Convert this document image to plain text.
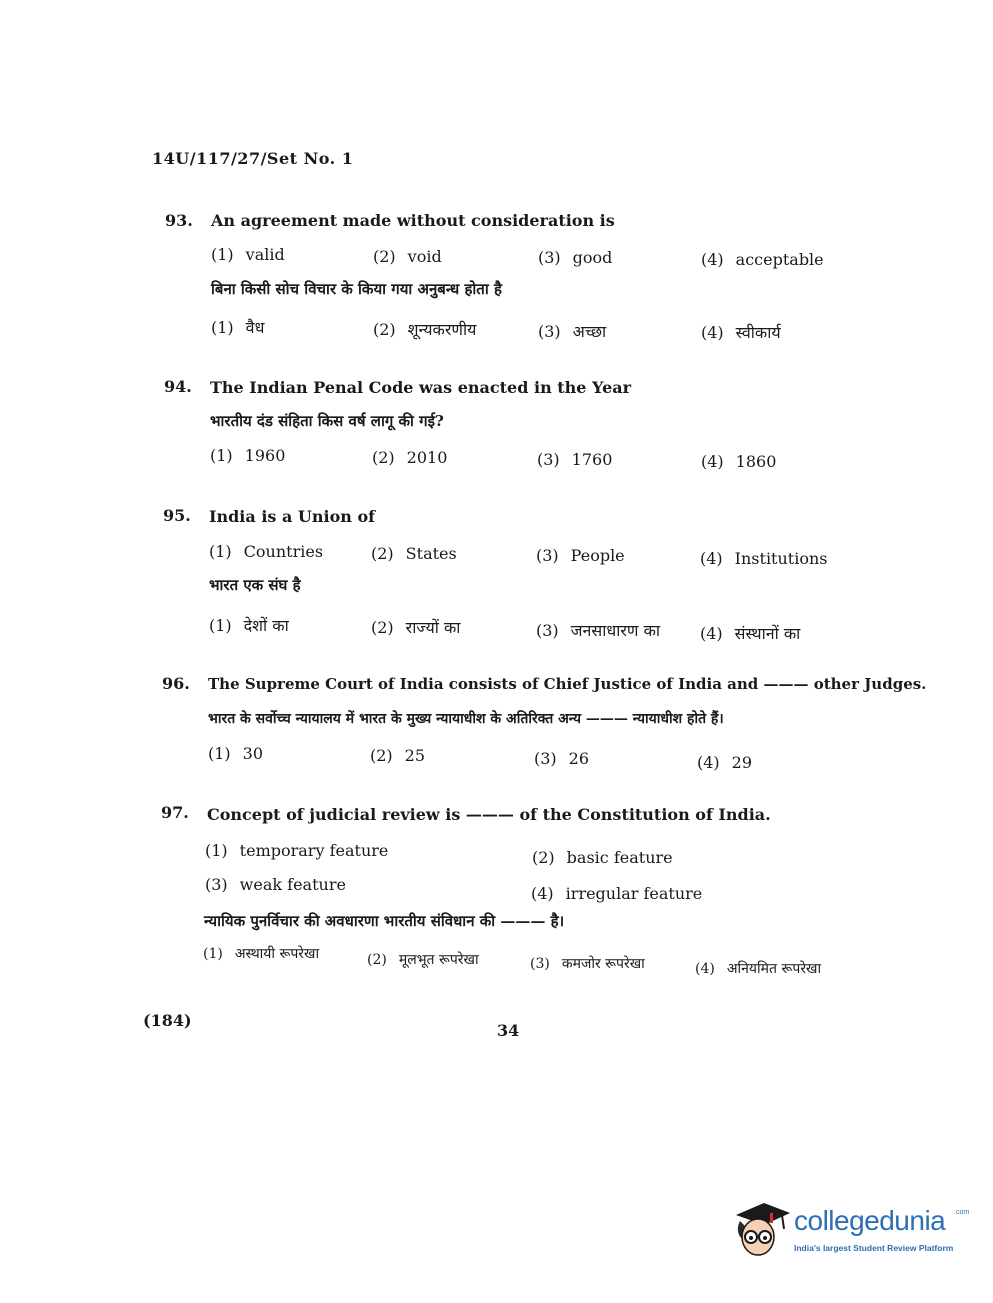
14U/117/27/Set No. 1
93. An agreement made without consideration is
(1) valid	(2) void	(3) good	(4) acceptable
बिना किसी सोच विचार के किया गया अनुबन्ध होता है
(1) वैध	(2) शून्यकरणीय	(3) अच्छा	(4) स्वीकार्य
94. The Indian Penal Code was enacted in the Year
भारतीय दंड संहिता किस वर्ष लागू की गई?
(1) 1960	(2) 2010	(3) 1760	(4) 1860
95. India is a Union of
(1) Countries	(2) States	(3) People	(4) Institutions
भारत एक संघ है
(1) देशों का	(2) राज्यों का	(3) जनसाधारण का	(4) संस्थानों का
96. The Supreme Court of India consists of Chief Justice of India and ——— other Judges.
भारत के सर्वोच्च न्यायालय में भारत के मुख्य न्यायाधीश के अतिरिक्त अन्य ——— न्यायाधीश होते हैं।
(1) 30	(2) 25	(3) 26	(4) 29
97. Concept of judicial review is ——— of the Constitution of India.
(1) temporary feature	(2) basic feature
(3) weak feature	(4) irregular feature
न्यायिक पुनर्विचार की अवधारणा भारतीय संविधान की ——— है।
(1) अस्थायी रूपरेखा	(2) मूलभूत रूपरेखा	(3) कमजोर रूपरेखा	(4) अनियमित रूपरेखा
(184)
34
collegedunia .com
India's largest Student Review Platform
